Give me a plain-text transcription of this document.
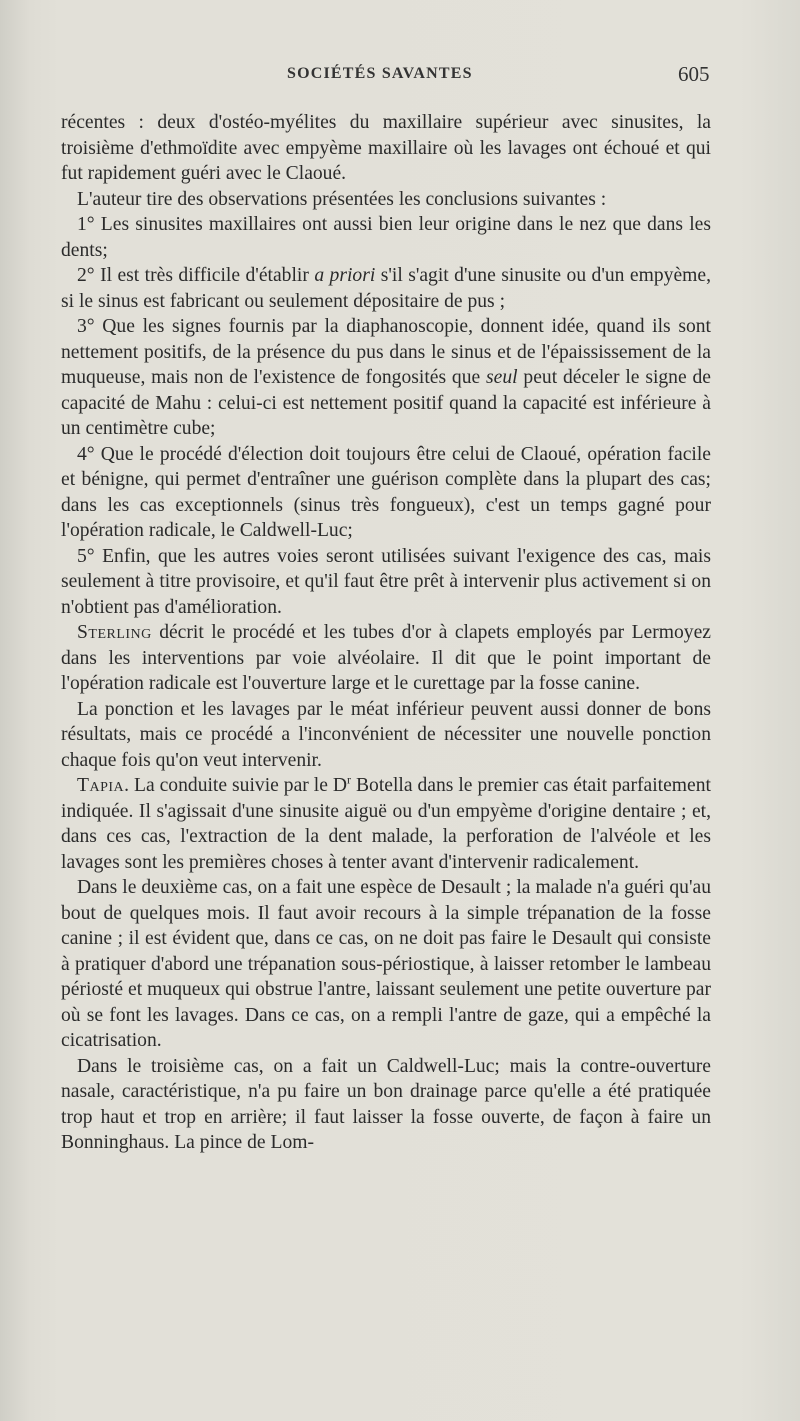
SOCIÉTÉS SAVANTES	605

récentes : deux d'ostéo-myélites du maxillaire supérieur avec sinusites, la troisième d'ethmoïdite avec empyème maxillaire où les lavages ont échoué et qui fut rapidement guéri avec le Claoué.

L'auteur tire des observations présentées les conclusions suivantes :

1° Les sinusites maxillaires ont aussi bien leur origine dans le nez que dans les dents;

2° Il est très difficile d'établir a priori s'il s'agit d'une sinusite ou d'un empyème, si le sinus est fabricant ou seulement dépositaire de pus ;

3° Que les signes fournis par la diaphanoscopie, donnent idée, quand ils sont nettement positifs, de la présence du pus dans le sinus et de l'épaississement de la muqueuse, mais non de l'existence de fongosités que seul peut déceler le signe de capacité de Mahu : celui-ci est nettement positif quand la capacité est inférieure à un centimètre cube;

4° Que le procédé d'élection doit toujours être celui de Claoué, opération facile et bénigne, qui permet d'entraîner une guérison complète dans la plupart des cas; dans les cas exceptionnels (sinus très fongueux), c'est un temps gagné pour l'opération radicale, le Caldwell-Luc;

5° Enfin, que les autres voies seront utilisées suivant l'exigence des cas, mais seulement à titre provisoire, et qu'il faut être prêt à intervenir plus activement si on n'obtient pas d'amélioration.

Sterling décrit le procédé et les tubes d'or à clapets employés par Lermoyez dans les interventions par voie alvéolaire. Il dit que le point important de l'opération radicale est l'ouverture large et le curettage par la fosse canine.

La ponction et les lavages par le méat inférieur peuvent aussi donner de bons résultats, mais ce procédé a l'inconvénient de nécessiter une nouvelle ponction chaque fois qu'on veut intervenir.

Tapia. La conduite suivie par le $D^r$ Botella dans le premier cas était parfaitement indiquée. Il s'agissait d'une sinusite aiguë ou d'un empyème d'origine dentaire ; et, dans ces cas, l'extraction de la dent malade, la perforation de l'alvéole et les lavages sont les premières choses à tenter avant d'intervenir radicalement.

Dans le deuxième cas, on a fait une espèce de Desault ; la malade n'a guéri qu'au bout de quelques mois. Il faut avoir recours à la simple trépanation de la fosse canine ; il est évident que, dans ce cas, on ne doit pas faire le Desault qui consiste à pratiquer d'abord une trépanation sous-périostique, à laisser retomber le lambeau périosté et muqueux qui obstrue l'antre, laissant seulement une petite ouverture par où se font les lavages. Dans ce cas, on a rempli l'antre de gaze, qui a empêché la cicatrisation.

Dans le troisième cas, on a fait un Caldwell-Luc; mais la contre-ouverture nasale, caractéristique, n'a pu faire un bon drainage parce qu'elle a été pratiquée trop haut et trop en arrière; il faut laisser la fosse ouverte, de façon à faire un Bonninghaus. La pince de Lom-
